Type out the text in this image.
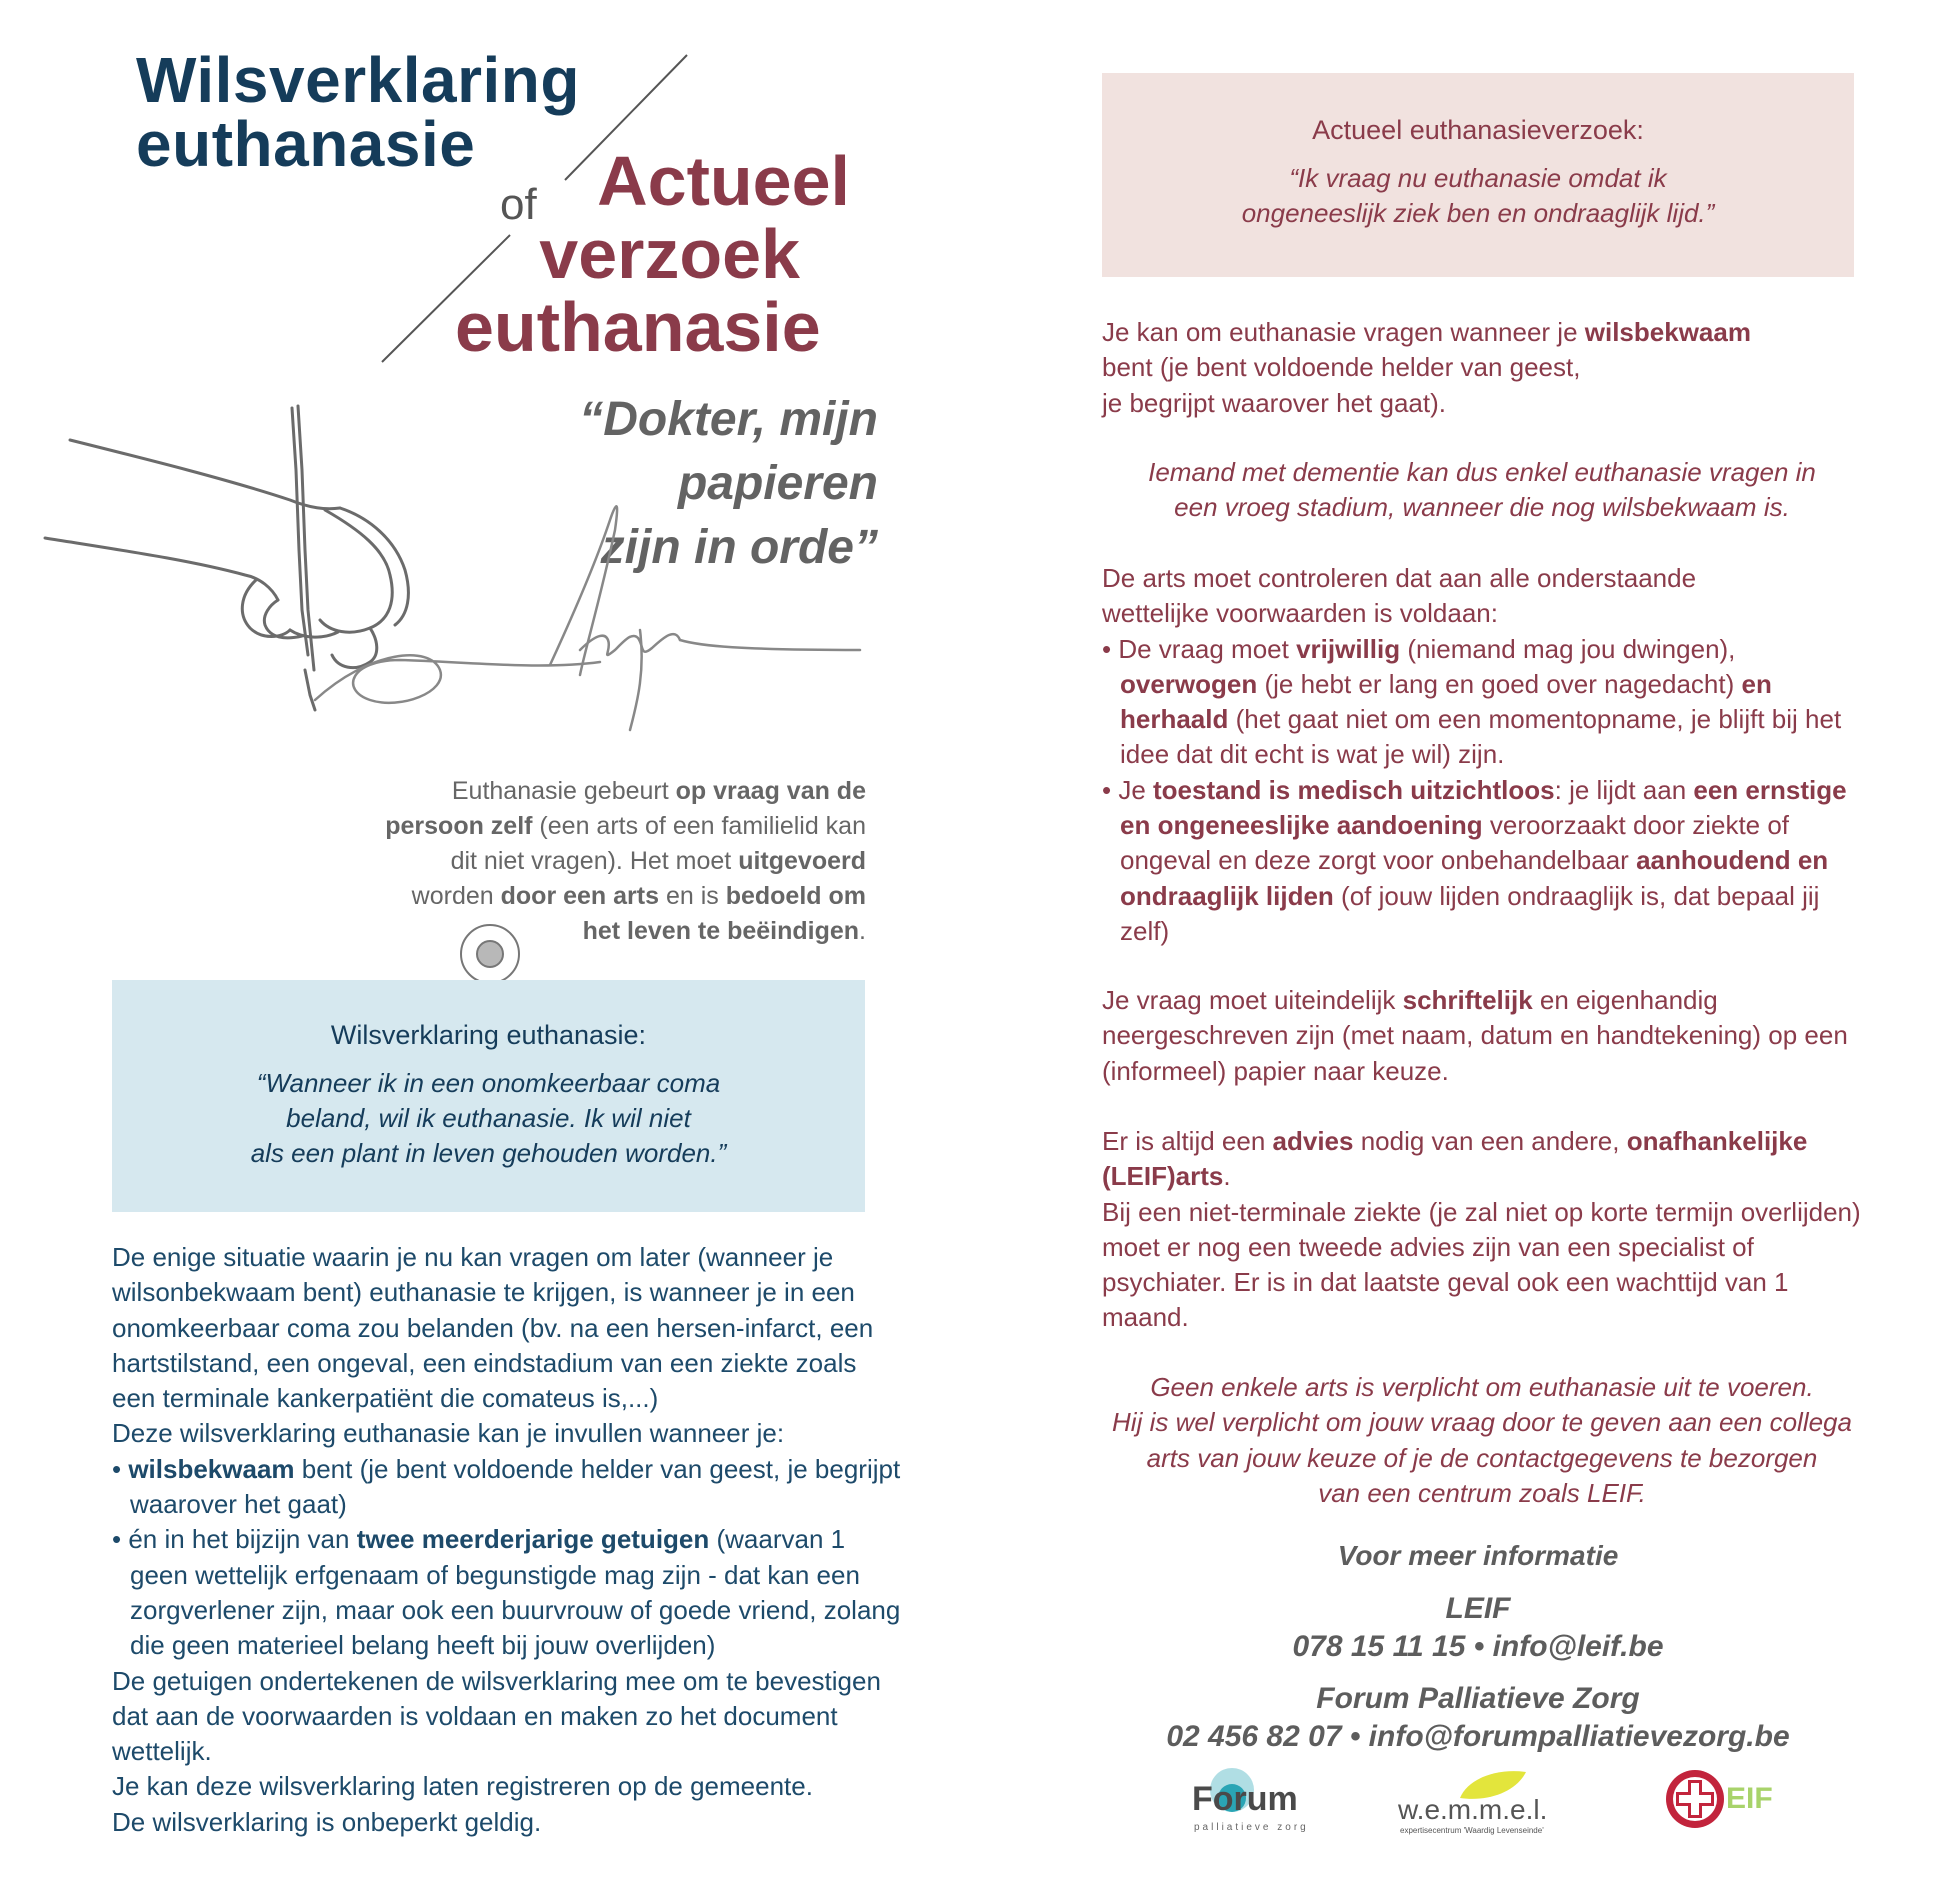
Wilsverklaring
euthanasie
of Actueel
verzoek
euthanasie
“Dokter, mijn papieren
zijn in orde”
Euthanasie gebeurt op vraag van de persoon zelf (een arts of een familielid kan dit niet vragen). Het moet uitgevoerd worden door een arts en is bedoeld om het leven te beëindigen.
Wilsverklaring euthanasie:
“Wanneer ik in een onomkeerbaar coma
beland, wil ik euthanasie. Ik wil niet
als een plant in leven gehouden worden.”
De enige situatie waarin je nu kan vragen om later (wanneer je wilsonbekwaam bent) euthanasie te krijgen, is wanneer je in een onomkeerbaar coma zou belanden (bv. na een hersen-infarct, een hartstilstand, een ongeval, een eindstadium van een ziekte zoals een terminale kankerpatiënt die comateus is,...)
Deze wilsverklaring euthanasie kan je invullen wanneer je:
• wilsbekwaam bent (je bent voldoende helder van geest, je begrijpt waarover het gaat)
• én in het bijzijn van twee meerderjarige getuigen (waarvan 1 geen wettelijk erfgenaam of begunstigde mag zijn - dat kan een zorgverlener zijn, maar ook een buurvrouw of goede vriend, zolang die geen materieel belang heeft bij jouw overlijden)
De getuigen ondertekenen de wilsverklaring mee om te bevestigen dat aan de voorwaarden is voldaan en maken zo het document wettelijk.
Je kan deze wilsverklaring laten registreren op de gemeente.
De wilsverklaring is onbeperkt geldig.
Actueel euthanasieverzoek:
“Ik vraag nu euthanasie omdat ik
ongeneeslijk ziek ben en ondraaglijk lijd.”
Je kan om euthanasie vragen wanneer je wilsbekwaam
bent (je bent voldoende helder van geest,
je begrijpt waarover het gaat).
Iemand met dementie kan dus enkel euthanasie vragen in
een vroeg stadium, wanneer die nog wilsbekwaam is.
De arts moet controleren dat aan alle onderstaande wettelijke voorwaarden is voldaan:
• De vraag moet vrijwillig (niemand mag jou dwingen), overwogen (je hebt er lang en goed over nagedacht) en herhaald (het gaat niet om een momentopname, je blijft bij het idee dat dit echt is wat je wil) zijn.
• Je toestand is medisch uitzichtloos: je lijdt aan een ernstige en ongeneeslijke aandoening veroorzaakt door ziekte of ongeval en deze zorgt voor onbehandelbaar aanhoudend en ondraaglijk lijden (of jouw lijden ondraaglijk is, dat bepaal jij zelf)
Je vraag moet uiteindelijk schriftelijk en eigenhandig neergeschreven zijn (met naam, datum en handtekening) op een (informeel) papier naar keuze.
Er is altijd een advies nodig van een andere, onafhankelijke (LEIF)arts.
Bij een niet-terminale ziekte (je zal niet op korte termijn overlijden) moet er nog een tweede advies zijn van een specialist of psychiater. Er is in dat laatste geval ook een wachttijd van 1 maand.
Geen enkele arts is verplicht om euthanasie uit te voeren.
Hij is wel verplicht om jouw vraag door te geven aan een collega
arts van jouw keuze of je de contactgegevens te bezorgen
van een centrum zoals LEIF.
Voor meer informatie
LEIF
078 15 11 15 • info@leif.be
Forum Palliatieve Zorg
02 456 82 07 • info@forumpalliatievezorg.be
Forum
palliatieve zorg
w.e.m.m.e.l.
expertisecentrum 'Waardig Levenseinde'
EIF
